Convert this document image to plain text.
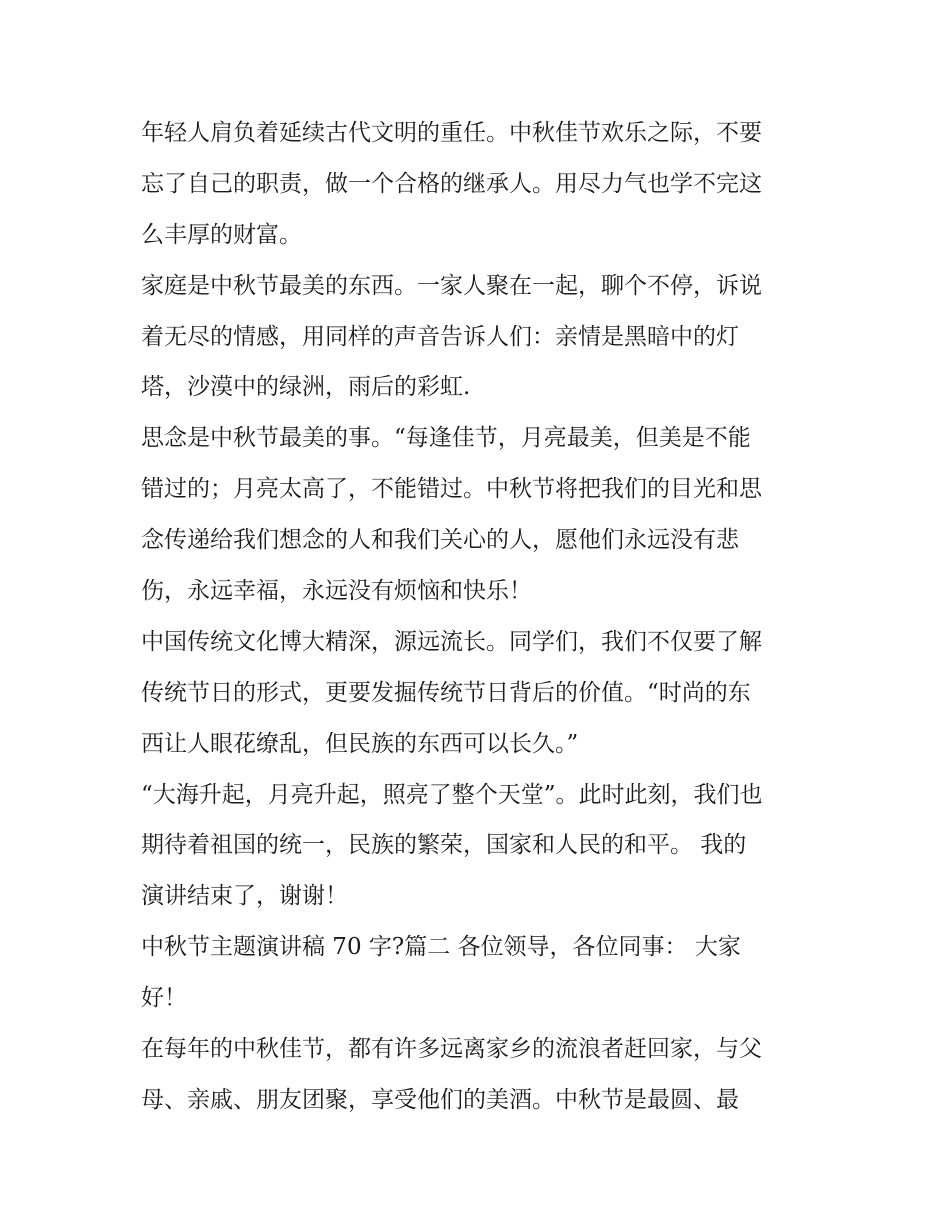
年轻人肩负着延续古代文明的重任。中秋佳节欢乐之际，不要
忘了自己的职责，做一个合格的继承人。用尽力气也学不完这
么丰厚的财富。
家庭是中秋节最美的东西。一家人聚在一起，聊个不停，诉说
着无尽的情感，用同样的声音告诉人们：亲情是黑暗中的灯
塔，沙漠中的绿洲，雨后的彩虹.
思念是中秋节最美的事。“每逢佳节，月亮最美，但美是不能
错过的；月亮太高了，不能错过。中秋节将把我们的目光和思
念传递给我们想念的人和我们关心的人，愿他们永远没有悲
伤，永远幸福，永远没有烦恼和快乐！
中国传统文化博大精深，源远流长。同学们，我们不仅要了解
传统节日的形式，更要发掘传统节日背后的价值。“时尚的东
西让人眼花缭乱，但民族的东西可以长久。”
“大海升起，月亮升起，照亮了整个天堂”。此时此刻，我们也
期待着祖国的统一，民族的繁荣，国家和人民的和平。 我的
演讲结束了，谢谢！
中秋节主题演讲稿 70 字?篇二 各位领导，各位同事： 大家
好！
在每年的中秋佳节，都有许多远离家乡的流浪者赶回家，与父
母、亲戚、朋友团聚，享受他们的美酒。中秋节是最圆、最
